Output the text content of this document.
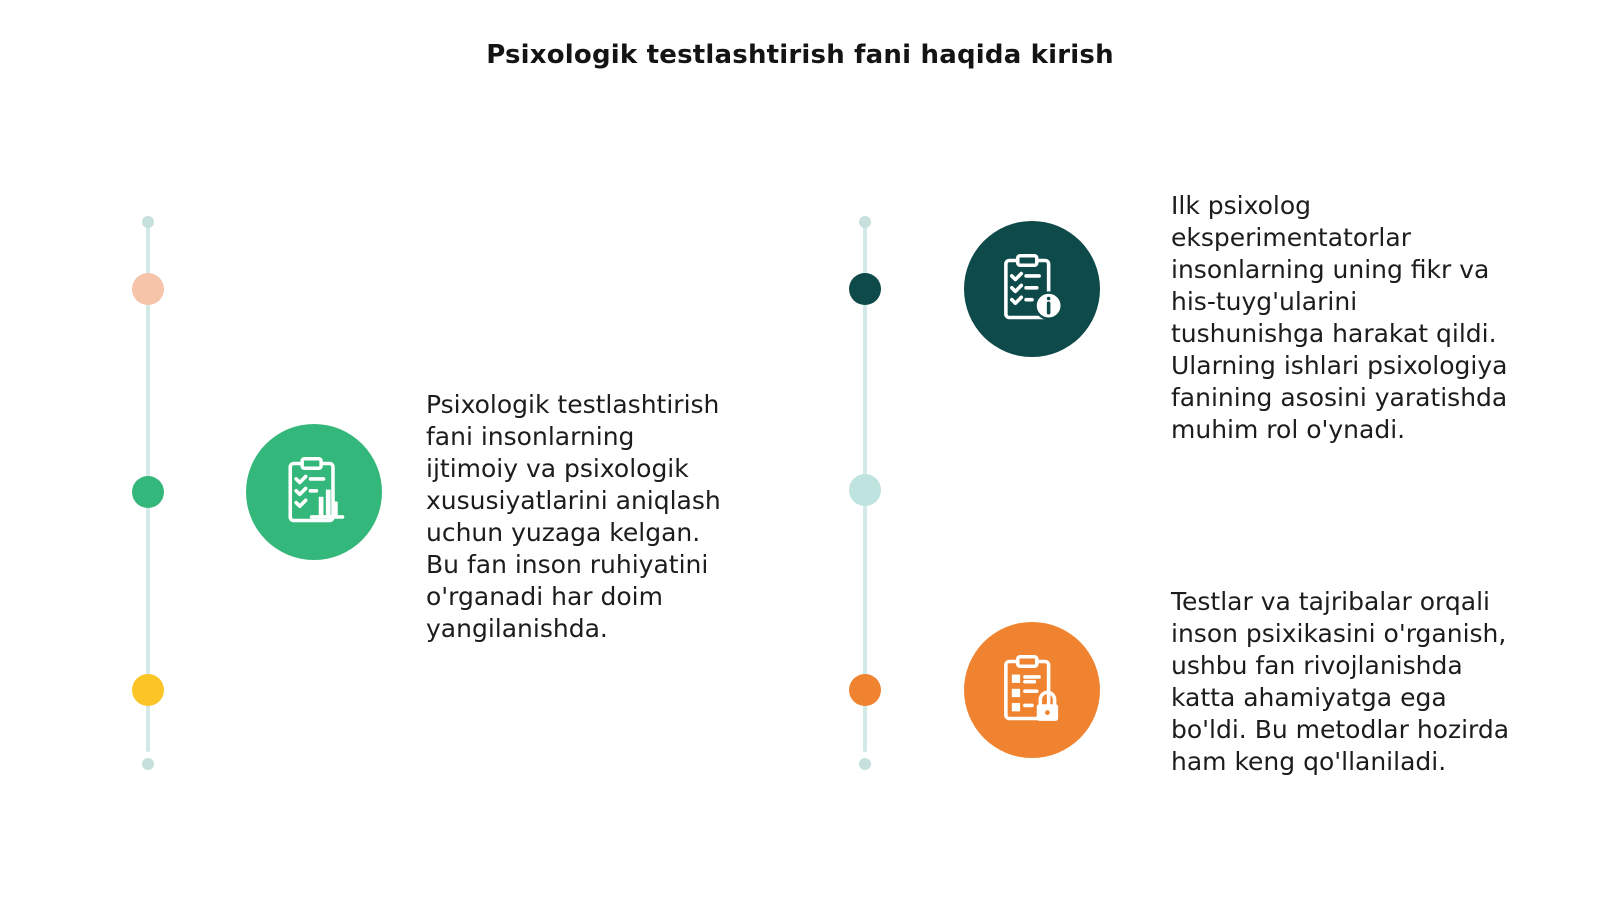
Psixologik testlashtirish fani haqida kirish
Psixologik testlashtirish
fani insonlarning
ijtimoiy va psixologik
xususiyatlarini aniqlash
uchun yuzaga kelgan.
Bu fan inson ruhiyatini
o'rganadi har doim
yangilanishda.
Ilk psixolog
eksperimentatorlar
insonlarning uning fikr va
his-tuyg'ularini
tushunishga harakat qildi.
Ularning ishlari psixologiya
fanining asosini yaratishda
muhim rol o'ynadi.
Testlar va tajribalar orqali
inson psixikasini o'rganish,
ushbu fan rivojlanishda
katta ahamiyatga ega
bo'ldi. Bu metodlar hozirda
ham keng qo'llaniladi.
